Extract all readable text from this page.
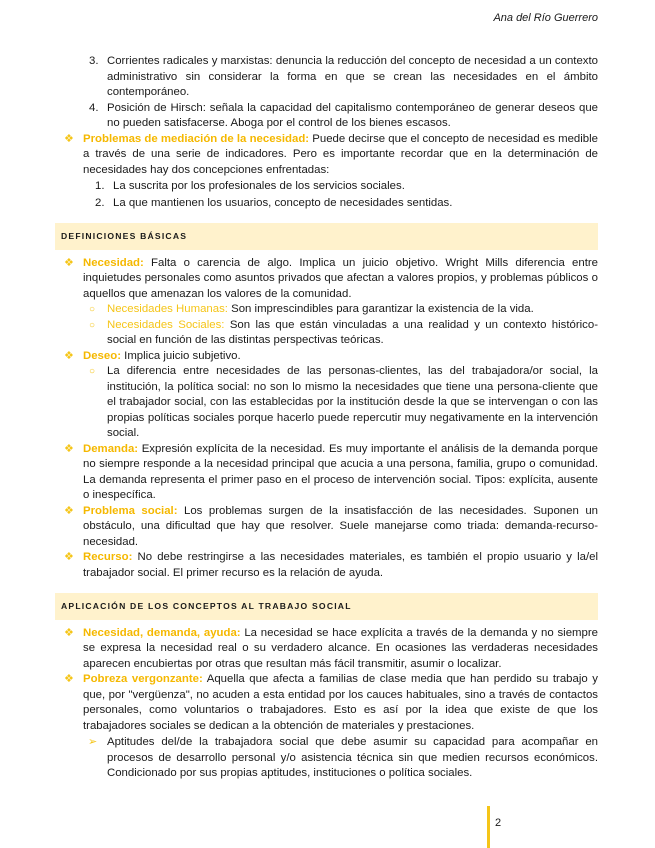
Ana del Río Guerrero
3. Corrientes radicales y marxistas: denuncia la reducción del concepto de necesidad a un contexto administrativo sin considerar la forma en que se crean las necesidades en el ámbito contemporáneo.
4. Posición de Hirsch: señala la capacidad del capitalismo contemporáneo de generar deseos que no pueden satisfacerse. Aboga por el control de los bienes escasos.
❖ Problemas de mediación de la necesidad: Puede decirse que el concepto de necesidad es medible a través de una serie de indicadores. Pero es importante recordar que en la determinación de necesidades hay dos concepciones enfrentadas:
1. La suscrita por los profesionales de los servicios sociales.
2. La que mantienen los usuarios, concepto de necesidades sentidas.
DEFINICIONES BÁSICAS
❖ Necesidad: Falta o carencia de algo. Implica un juicio objetivo. Wright Mills diferencia entre inquietudes personales como asuntos privados que afectan a valores propios, y problemas públicos o aquellos que amenazan los valores de la comunidad.
○ Necesidades Humanas: Son imprescindibles para garantizar la existencia de la vida.
○ Necesidades Sociales: Son las que están vinculadas a una realidad y un contexto histórico-social en función de las distintas perspectivas teóricas.
❖ Deseo: Implica juicio subjetivo.
○ La diferencia entre necesidades de las personas-clientes, las del trabajadora/or social, la institución, la política social: no son lo mismo la necesidades que tiene una persona-cliente que el trabajador social, con las establecidas por la institución desde la que se intervengan o con las propias políticas sociales porque hacerlo puede repercutir muy negativamente en la intervención social.
❖ Demanda: Expresión explícita de la necesidad. Es muy importante el análisis de la demanda porque no siempre responde a la necesidad principal que acucia a una persona, familia, grupo o comunidad. La demanda representa el primer paso en el proceso de intervención social. Tipos: explícita, ausente o inespecífica.
❖ Problema social: Los problemas surgen de la insatisfacción de las necesidades. Suponen un obstáculo, una dificultad que hay que resolver. Suele manejarse como triada: demanda-recurso-necesidad.
❖ Recurso: No debe restringirse a las necesidades materiales, es también el propio usuario y la/el trabajador social. El primer recurso es la relación de ayuda.
APLICACIÓN DE LOS CONCEPTOS AL TRABAJO SOCIAL
❖ Necesidad, demanda, ayuda: La necesidad se hace explícita a través de la demanda y no siempre se expresa la necesidad real o su verdadero alcance. En ocasiones las verdaderas necesidades aparecen encubiertas por otras que resultan más fácil transmitir, asumir o localizar.
❖ Pobreza vergonzante: Aquella que afecta a familias de clase media que han perdido su trabajo y que, por "vergüenza", no acuden a esta entidad por los cauces habituales, sino a través de contactos personales, como voluntarios o trabajadores. Esto es así por la idea que existe de que los trabajadores sociales se dedican a la obtención de materiales y prestaciones.
➢ Aptitudes del/de la trabajadora social que debe asumir su capacidad para acompañar en procesos de desarrollo personal y/o asistencia técnica sin que medien recursos económicos. Condicionado por sus propias aptitudes, instituciones o política sociales.
2
